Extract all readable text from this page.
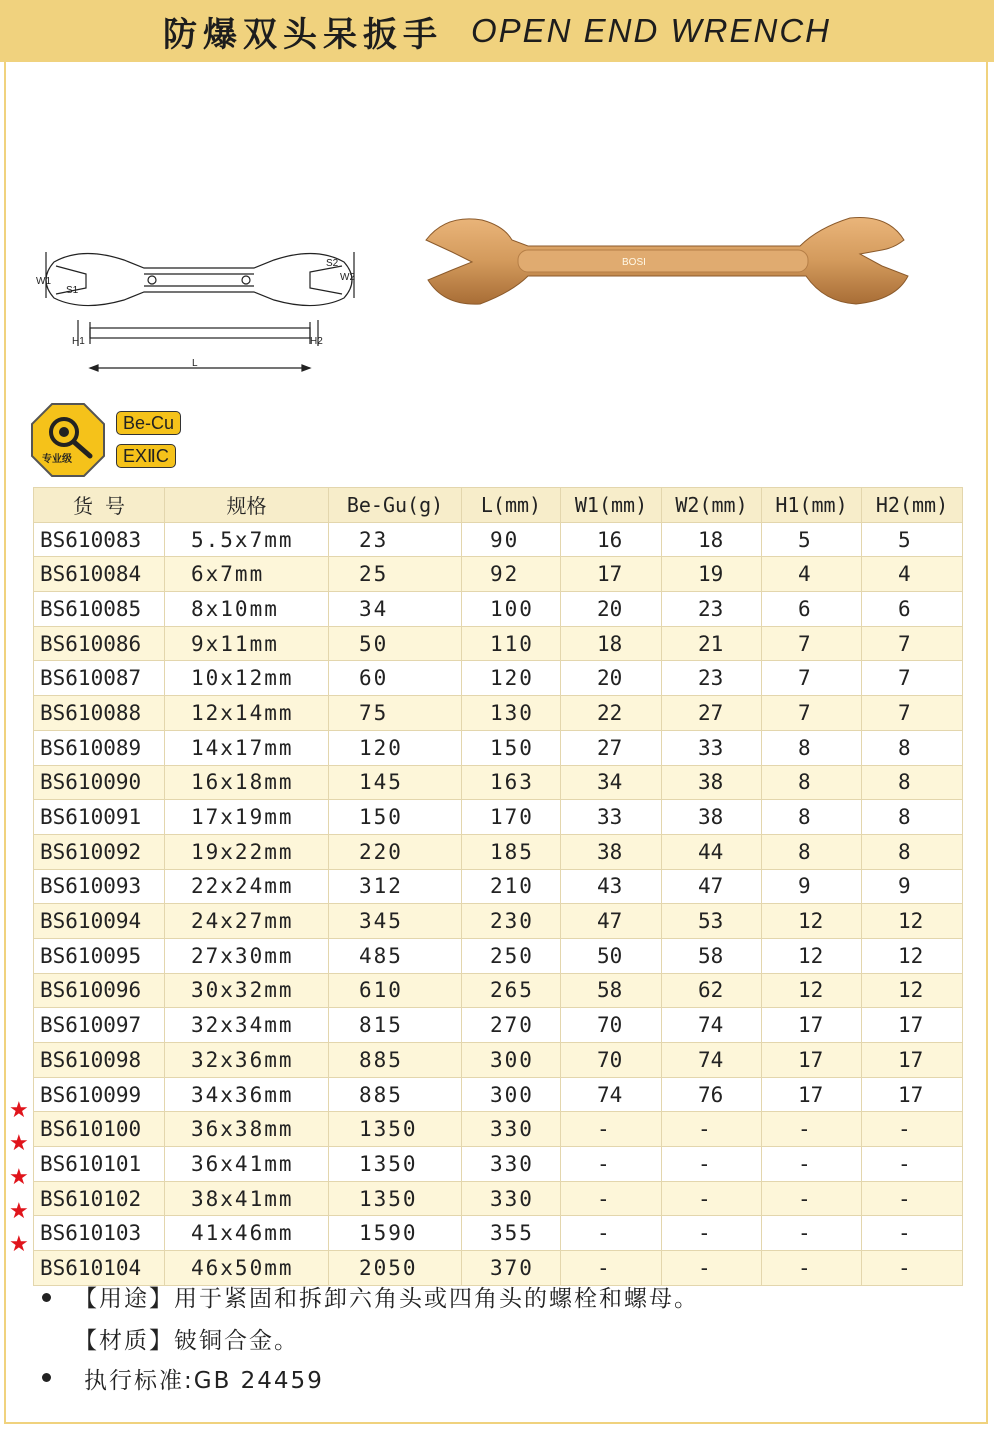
防爆双头呆扳手 OPEN END WRENCH
W1
S1
S2
W2
H1	H2
L
BOSI
专业级
Be-Cu
EXⅡC
货 号	规格	Be-Gu(g)	L(mm)	W1(mm)	W2(mm)	H1(mm)	H2(mm)
BS610083	5.5x7mm	23	90	16	18	5	5
BS610084	6x7mm	25	92	17	19	4	4
BS610085	8x10mm	34	100	20	23	6	6
BS610086	9x11mm	50	110	18	21	7	7
BS610087	10x12mm	60	120	20	23	7	7
BS610088	12x14mm	75	130	22	27	7	7
BS610089	14x17mm	120	150	27	33	8	8
BS610090	16x18mm	145	163	34	38	8	8
BS610091	17x19mm	150	170	33	38	8	8
BS610092	19x22mm	220	185	38	44	8	8
BS610093	22x24mm	312	210	43	47	9	9
BS610094	24x27mm	345	230	47	53	12	12
BS610095	27x30mm	485	250	50	58	12	12
BS610096	30x32mm	610	265	58	62	12	12
BS610097	32x34mm	815	270	70	74	17	17
BS610098	32x36mm	885	300	70	74	17	17
BS610099	34x36mm	885	300	74	76	17	17
BS610100	36x38mm	1350	330	-	-	-	-
BS610101	36x41mm	1350	330	-	-	-	-
BS610102	38x41mm	1350	330	-	-	-	-
BS610103	41x46mm	1590	355	-	-	-	-
BS610104	46x50mm	2050	370	-	-	-	-
★
★
★
★
★
【用途】用于紧固和拆卸六角头或四角头的螺栓和螺母。
【材质】铍铜合金。
执行标准:GB 24459
